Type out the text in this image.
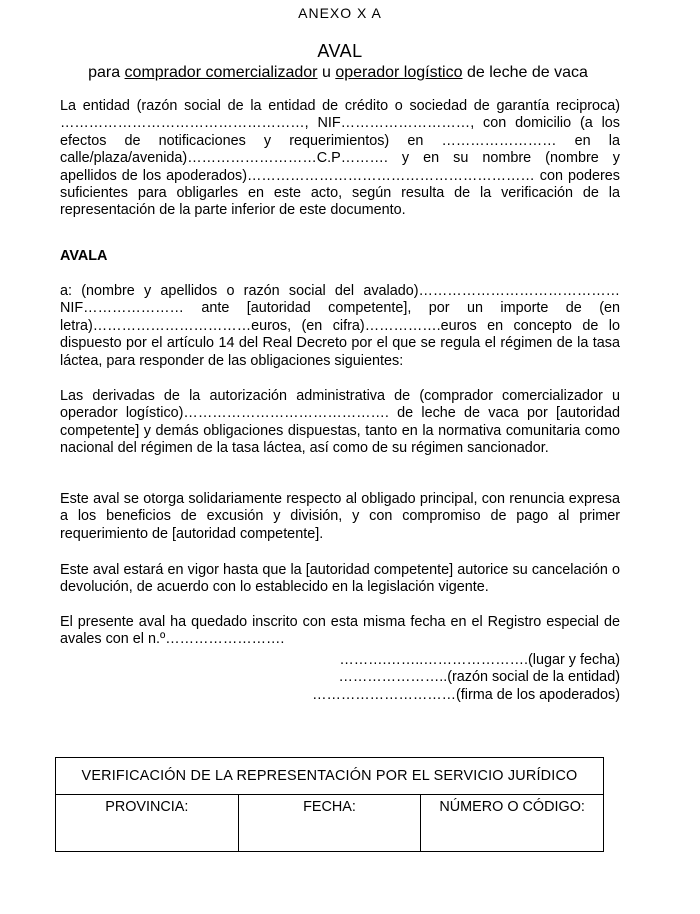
ANEXO X A
AVAL
para comprador comercializador u operador logístico de leche de vaca
La entidad (razón social de la entidad de crédito o sociedad de garantía reciproca) ……………………………………………, NIF………………………, con domicilio (a los efectos de notificaciones y requerimientos) en …………………… en la calle/plaza/avenida)………………………C.P………. y en su nombre (nombre y apellidos de los apoderados)…………………………………………………… con poderes suficientes para obligarles en este acto, según resulta de la verificación de la representación de la parte inferior de este documento.
AVALA
a: (nombre y apellidos o razón social del avalado)…………………………………… NIF………………… ante [autoridad competente], por un importe de (en letra)……………………………euros, (en cifra)…………….euros en concepto de lo dispuesto por el artículo 14 del Real Decreto por el que se regula el régimen de la tasa láctea, para responder de las obligaciones siguientes:
Las derivadas de la autorización administrativa de (comprador comercializador u operador logístico)……………………………………. de leche de vaca por [autoridad competente] y demás obligaciones dispuestas, tanto en la normativa comunitaria como nacional del régimen de la tasa láctea, así como de su régimen sancionador.
Este aval se otorga solidariamente respecto al obligado principal, con renuncia expresa a los beneficios de excusión y división, y con compromiso de pago al primer requerimiento de [autoridad competente].
Este aval estará en vigor hasta que la [autoridad competente] autorice su cancelación o devolución, de acuerdo con lo establecido en la legislación vigente.
El presente aval ha quedado inscrito con esta misma fecha en el Registro especial de avales con el n.º…………………….
……….……..………………….(lugar y fecha)
…………………..(razón social de la entidad)
…………………………(firma de los apoderados)
VERIFICACIÓN DE LA REPRESENTACIÓN POR EL SERVICIO JURÍDICO
PROVINCIA:	FECHA:	NÚMERO O CÓDIGO:
